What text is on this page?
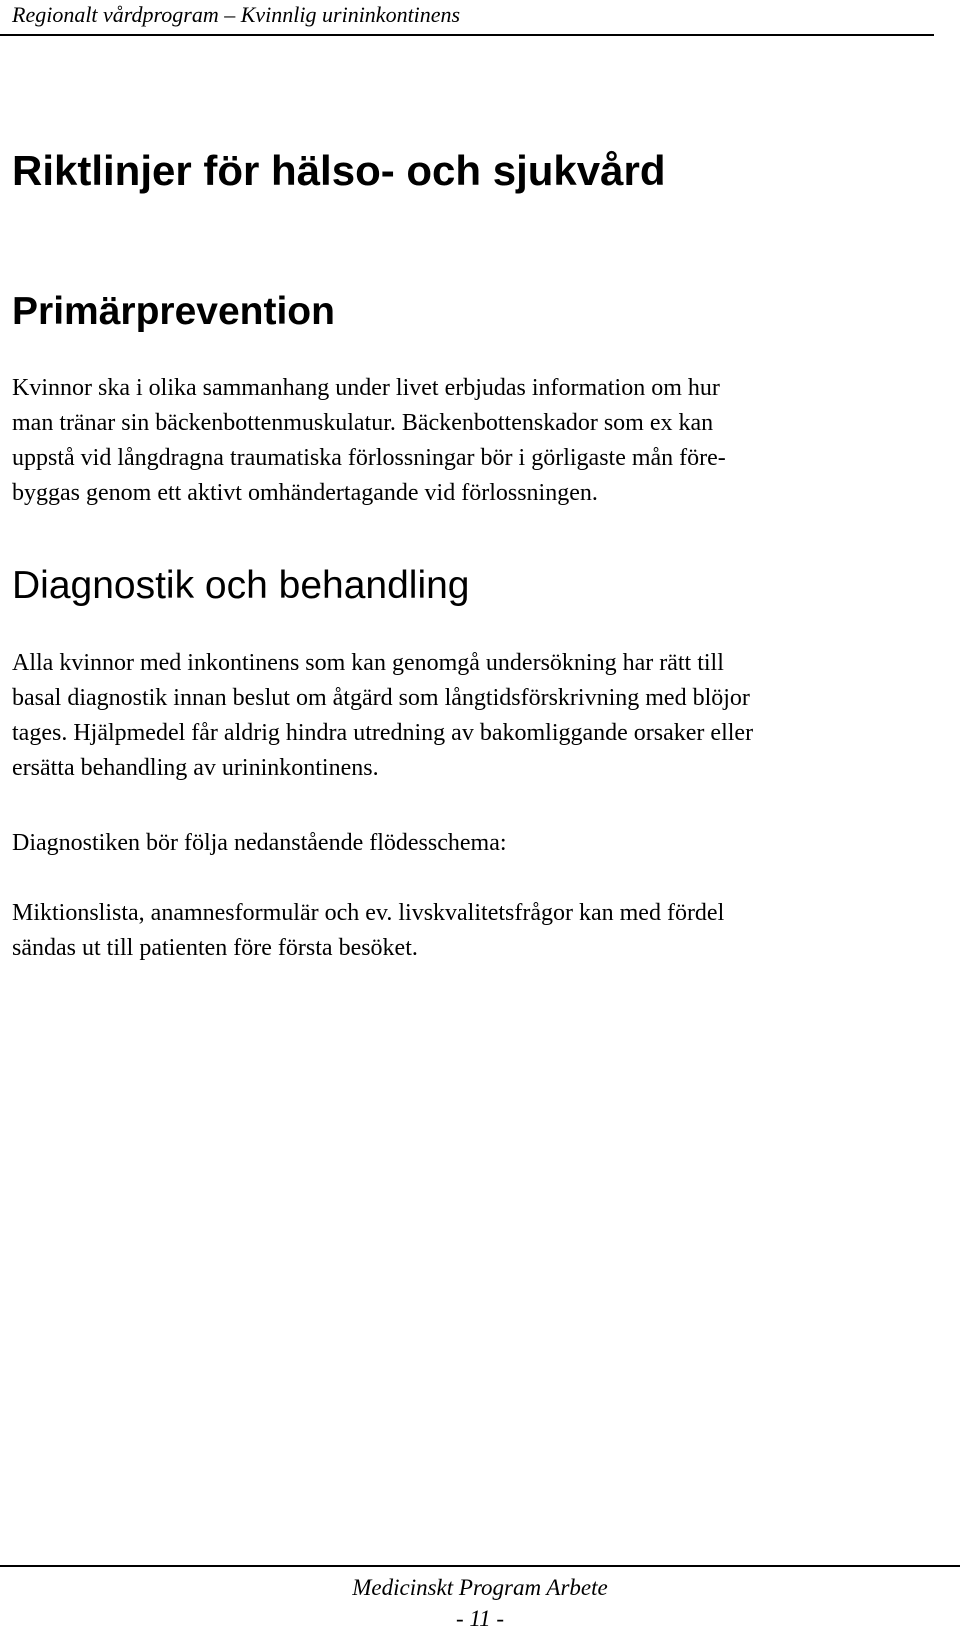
Regionalt vårdprogram – Kvinnlig urininkontinens
Riktlinjer för hälso- och sjukvård
Primärprevention

Kvinnor ska i olika sammanhang under livet erbjudas information om hur
man tränar sin bäckenbottenmuskulatur. Bäckenbottenskador som ex kan
uppstå vid långdragna traumatiska förlossningar bör i görligaste mån före-
byggas genom ett aktivt omhändertagande vid förlossningen.

Diagnostik och behandling

Alla kvinnor med inkontinens som kan genomgå undersökning har rätt till
basal diagnostik innan beslut om åtgärd som långtidsförskrivning med blöjor
tages. Hjälpmedel får aldrig hindra utredning av bakomliggande orsaker eller
ersätta behandling av urininkontinens.

Diagnostiken bör följa nedanstående flödesschema:

Miktionslista, anamnesformulär och ev. livskvalitetsfrågor kan med fördel
sändas ut till patienten före första besöket.

Medicinskt Program Arbete
- 11 -
